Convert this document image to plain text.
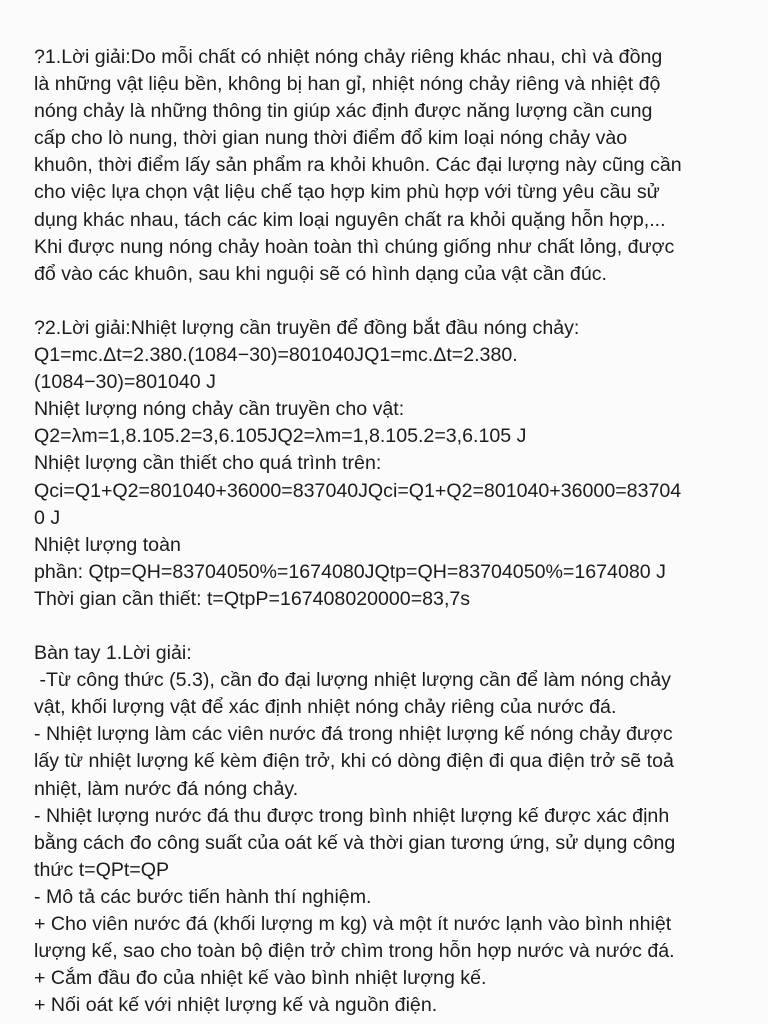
?1.Lời giải:Do mỗi chất có nhiệt nóng chảy riêng khác nhau, chì và đồng
là những vật liệu bền, không bị han gỉ, nhiệt nóng chảy riêng và nhiệt độ
nóng chảy là những thông tin giúp xác định được năng lượng cần cung
cấp cho lò nung, thời gian nung thời điểm đổ kim loại nóng chảy vào
khuôn, thời điểm lấy sản phẩm ra khỏi khuôn. Các đại lượng này cũng cần
cho việc lựa chọn vật liệu chế tạo hợp kim phù hợp với từng yêu cầu sử
dụng khác nhau, tách các kim loại nguyên chất ra khỏi quặng hỗn hợp,...
Khi được nung nóng chảy hoàn toàn thì chúng giống như chất lỏng, được
đổ vào các khuôn, sau khi nguội sẽ có hình dạng của vật cần đúc.
?2.Lời giải:Nhiệt lượng cần truyền để đồng bắt đầu nóng chảy:
Q1=mc.Δt=2.380.(1084−30)=801040JQ1=mc.Δt=2.380.
(1084−30)=801040 J
Nhiệt lượng nóng chảy cần truyền cho vật:
Q2=λm=1,8.105.2=3,6.105JQ2=λm=1,8.105.2=3,6.105 J
Nhiệt lượng cần thiết cho quá trình trên:
Qci=Q1+Q2=801040+36000=837040JQci=Q1+Q2=801040+36000=83704
0 J
Nhiệt lượng toàn
phần: Qtp=QH=83704050%=1674080JQtp=QH=83704050%=1674080 J
Thời gian cần thiết: t=QtpP=167408020000=83,7s
Bàn tay 1.Lời giải:
-Từ công thức (5.3), cần đo đại lượng nhiệt lượng cần để làm nóng chảy
vật, khối lượng vật để xác định nhiệt nóng chảy riêng của nước đá.
- Nhiệt lượng làm các viên nước đá trong nhiệt lượng kế nóng chảy được
lấy từ nhiệt lượng kế kèm điện trở, khi có dòng điện đi qua điện trở sẽ toả
nhiệt, làm nước đá nóng chảy.
- Nhiệt lượng nước đá thu được trong bình nhiệt lượng kế được xác định
bằng cách đo công suất của oát kế và thời gian tương ứng, sử dụng công
thức t=QPt=QP
- Mô tả các bước tiến hành thí nghiệm.
+ Cho viên nước đá (khối lượng m kg) và một ít nước lạnh vào bình nhiệt
lượng kế, sao cho toàn bộ điện trở chìm trong hỗn hợp nước và nước đá.
+ Cắm đầu đo của nhiệt kế vào bình nhiệt lượng kế.
+ Nối oát kế với nhiệt lượng kế và nguồn điện.
